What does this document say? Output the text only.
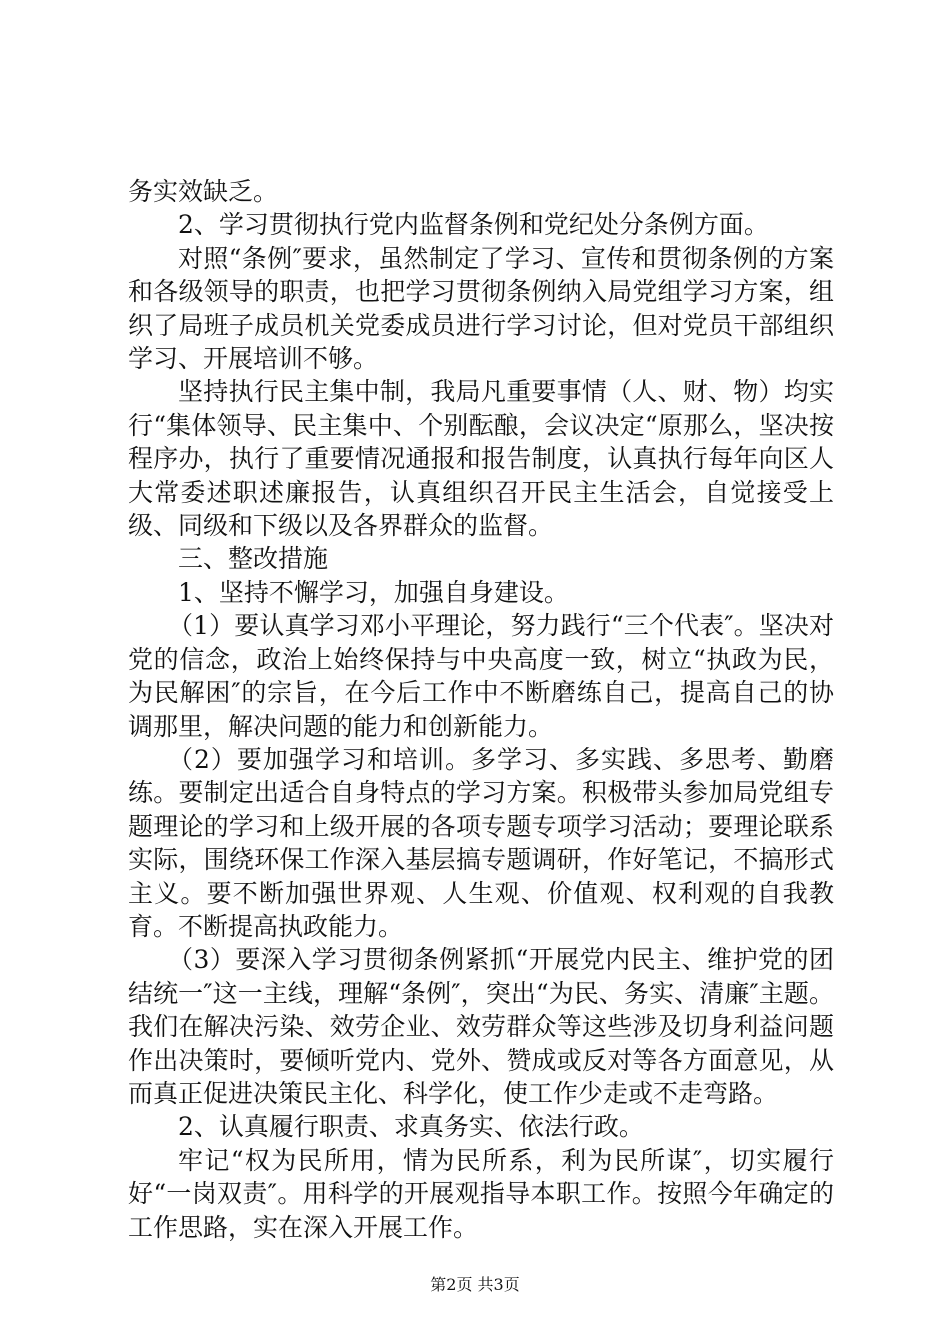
务实效缺乏。

2、学习贯彻执行党内监督条例和党纪处分条例方面。

对照“条例″要求，虽然制定了学习、宣传和贯彻条例的方案和各级领导的职责，也把学习贯彻条例纳入局党组学习方案，组织了局班子成员机关党委成员进行学习讨论，但对党员干部组织学习、开展培训不够。

坚持执行民主集中制，我局凡重要事情（人、财、物）均实行“集体领导、民主集中、个别酝酿，会议决定“原那么，坚决按程序办，执行了重要情况通报和报告制度，认真执行每年向区人大常委述职述廉报告，认真组织召开民主生活会，自觉接受上级、同级和下级以及各界群众的监督。

三、整改措施

1、坚持不懈学习，加强自身建设。

（1）要认真学习邓小平理论，努力践行“三个代表″。坚决对党的信念，政治上始终保持与中央高度一致，树立“执政为民，为民解困″的宗旨，在今后工作中不断磨练自己，提高自己的协调那里，解决问题的能力和创新能力。

（2）要加强学习和培训。多学习、多实践、多思考、勤磨练。要制定出适合自身特点的学习方案。积极带头参加局党组专题理论的学习和上级开展的各项专题专项学习活动；要理论联系实际，围绕环保工作深入基层搞专题调研，作好笔记，不搞形式主义。要不断加强世界观、人生观、价值观、权利观的自我教育。不断提高执政能力。

（3）要深入学习贯彻条例紧抓“开展党内民主、维护党的团结统一″这一主线，理解“条例″，突出“为民、务实、清廉″主题。我们在解决污染、效劳企业、效劳群众等这些涉及切身利益问题作出决策时，要倾听党内、党外、赞成或反对等各方面意见，从而真正促进决策民主化、科学化，使工作少走或不走弯路。

2、认真履行职责、求真务实、依法行政。

牢记“权为民所用，情为民所系，利为民所谋″，切实履行好“一岗双责″。用科学的开展观指导本职工作。按照今年确定的工作思路，实在深入开展工作。

第2页 共3页
